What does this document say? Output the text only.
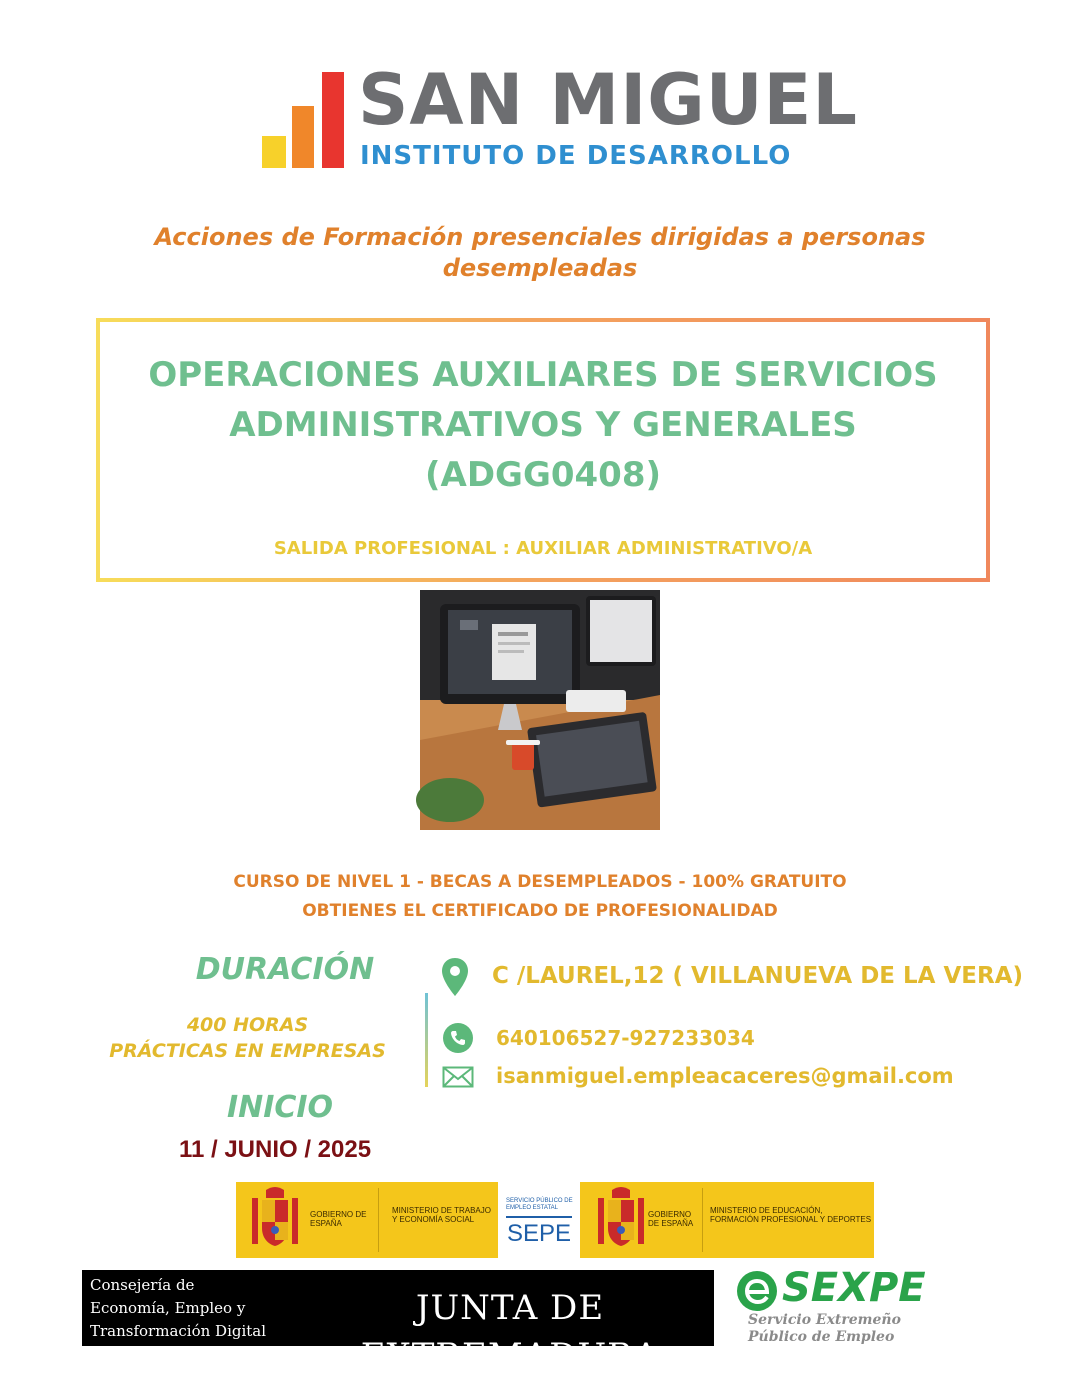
SAN MIGUEL
INSTITUTO DE DESARROLLO
Acciones de Formación presenciales dirigidas a personas desempleadas
OPERACIONES AUXILIARES DE SERVICIOS
ADMINISTRATIVOS Y GENERALES
(ADGG0408)
SALIDA PROFESIONAL : AUXILIAR ADMINISTRATIVO/A
CURSO DE NIVEL 1 - BECAS A DESEMPLEADOS - 100% GRATUITO
OBTIENES EL CERTIFICADO DE PROFESIONALIDAD
DURACIÓN
400 HORAS
PRÁCTICAS EN EMPRESAS
INICIO
11 / JUNIO / 2025
C /LAUREL,12 ( VILLANUEVA DE LA VERA)
640106527-927233034
isanmiguel.empleacaceres@gmail.com
GOBIERNO DE ESPAÑA
MINISTERIO DE TRABAJO Y ECONOMÍA SOCIAL
SERVICIO PÚBLICO DE EMPLEO ESTATAL
SEPE
GOBIERNO DE ESPAÑA
MINISTERIO DE EDUCACIÓN, FORMACIÓN PROFESIONAL Y DEPORTES
Consejería de
Economía, Empleo y
Transformación Digital
JUNTA DE EXTREMADURA
SEXPE
Servicio Extremeño
Público de Empleo
